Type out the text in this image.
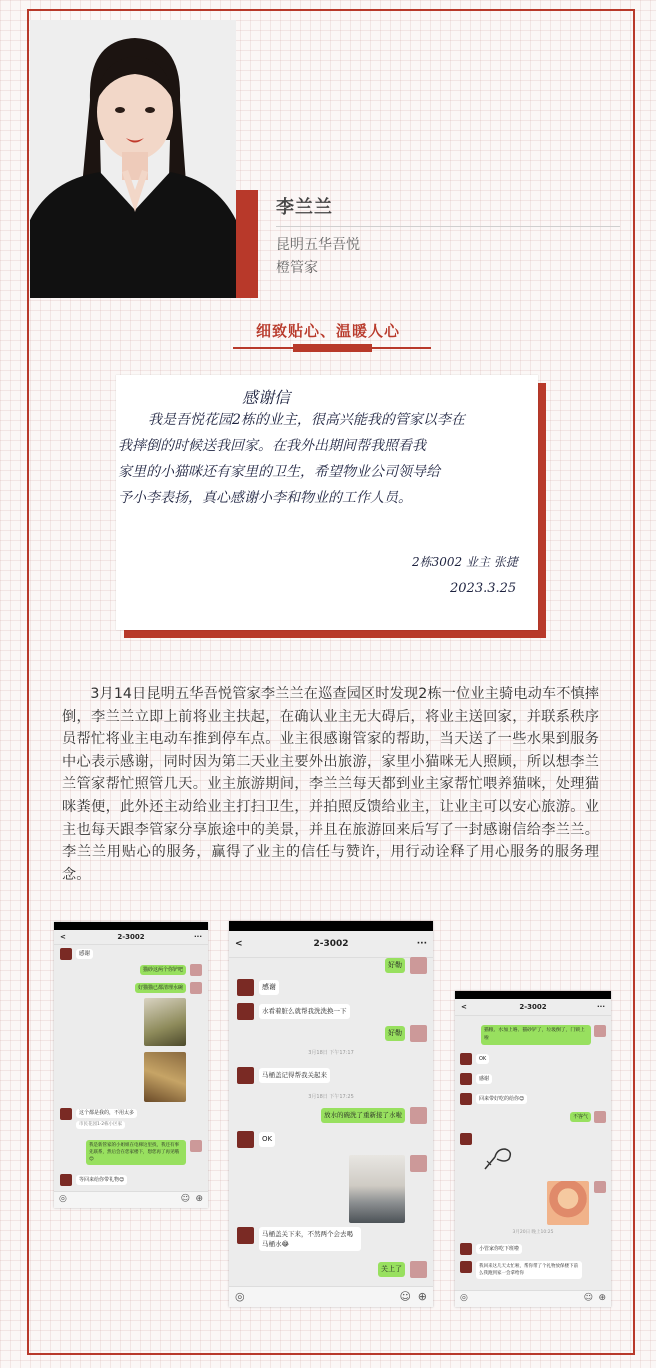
李兰兰
昆明五华吾悦
橙管家
细致贴心、温暖人心
感谢信
我是吾悦花园2栋的业主，很高兴能我的管家以李在
我摔倒的时候送我回家。在我外出期间帮我照看我
家里的小猫咪还有家里的卫生，希望物业公司领导给
予小李表扬，真心感谢小李和物业的工作人员。
2栋3002 业主 张捷
2023.3.25
3月14日昆明五华吾悦管家李兰兰在巡查园区时发现2栋一位业主骑电动车不慎摔倒，李兰兰立即上前将业主扶起，在确认业主无大碍后，将业主送回家，并联系秩序员帮忙将业主电动车推到停车点。业主很感谢管家的帮助，当天送了一些水果到服务中心表示感谢，同时因为第二天业主要外出旅游，家里小猫咪无人照顾，所以想李兰兰管家帮忙照管几天。业主旅游期间，李兰兰每天都到业主家帮忙喂养猫咪，处理猫咪粪便，此外还主动给业主打扫卫生，并拍照反馈给业主，让业主可以安心旅游。业主也每天跟李管家分享旅途中的美景，并且在旅游回来后写了一封感谢信给李兰兰。李兰兰用贴心的服务，赢得了业主的信任与赞许，用行动诠释了用心服务的服务理念。
<	2-3002	···
感谢
猫砂这两个你铲吧
好猫猫已都清理水碗
这个都是我的，不用太多
市民花园1·2栋小区家
我是新管家的小姐姐在电梯这里找，我还有事先联系，然后会在您家楼下，想您再了再见哦😊
等回来给你带礼物😊
◎	☺ ⊕
<	2-3002	···
好勒
感谢
水看着脏么就帮我洗洗换一下
好勒
3月18日 下午17:17
马桶盖记得帮我关起来
3月18日 下午17:25
放水的碗洗了重新接了水啦
OK
马桶盖关下来，不然两个会去喝马桶水😂
关上了
◎	☺ ⊕
<	2-3002	···
猫粮、水加上咯、猫砂铲了，垃圾倒了，门锁上啦
OK
感谢
回来带好吃的给你😊
不客气
3月20日 晚上10:25
小管家你吃下班啦
我回来这几天太忙啦，帮你带了个礼物放保楼下前么我跑到家一会拿给你
◎	☺ ⊕
